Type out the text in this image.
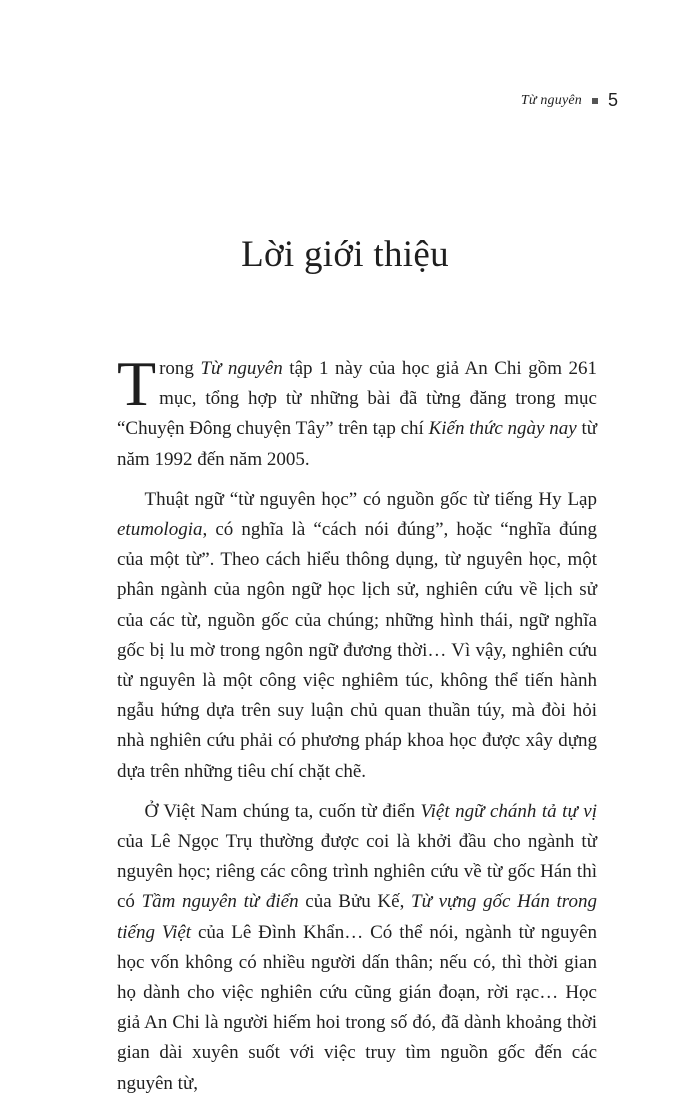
Từ nguyên 5
Lời giới thiệu

Trong Từ nguyên tập 1 này của học giả An Chi gồm 261 mục, tổng hợp từ những bài đã từng đăng trong mục “Chuyện Đông chuyện Tây” trên tạp chí Kiến thức ngày nay từ năm 1992 đến năm 2005.

Thuật ngữ “từ nguyên học” có nguồn gốc từ tiếng Hy Lạp etumologia, có nghĩa là “cách nói đúng”, hoặc “nghĩa đúng của một từ”. Theo cách hiểu thông dụng, từ nguyên học, một phân ngành của ngôn ngữ học lịch sử, nghiên cứu về lịch sử của các từ, nguồn gốc của chúng; những hình thái, ngữ nghĩa gốc bị lu mờ trong ngôn ngữ đương thời… Vì vậy, nghiên cứu từ nguyên là một công việc nghiêm túc, không thể tiến hành ngẫu hứng dựa trên suy luận chủ quan thuần túy, mà đòi hỏi nhà nghiên cứu phải có phương pháp khoa học được xây dựng dựa trên những tiêu chí chặt chẽ.

Ở Việt Nam chúng ta, cuốn từ điển Việt ngữ chánh tả tự vị của Lê Ngọc Trụ thường được coi là khởi đầu cho ngành từ nguyên học; riêng các công trình nghiên cứu về từ gốc Hán thì có Tầm nguyên từ điển của Bửu Kế, Từ vựng gốc Hán trong tiếng Việt của Lê Đình Khẩn… Có thể nói, ngành từ nguyên học vốn không có nhiều người dấn thân; nếu có, thì thời gian họ dành cho việc nghiên cứu cũng gián đoạn, rời rạc… Học giả An Chi là người hiếm hoi trong số đó, đã dành khoảng thời gian dài xuyên suốt với việc truy tìm nguồn gốc đến các nguyên từ,
